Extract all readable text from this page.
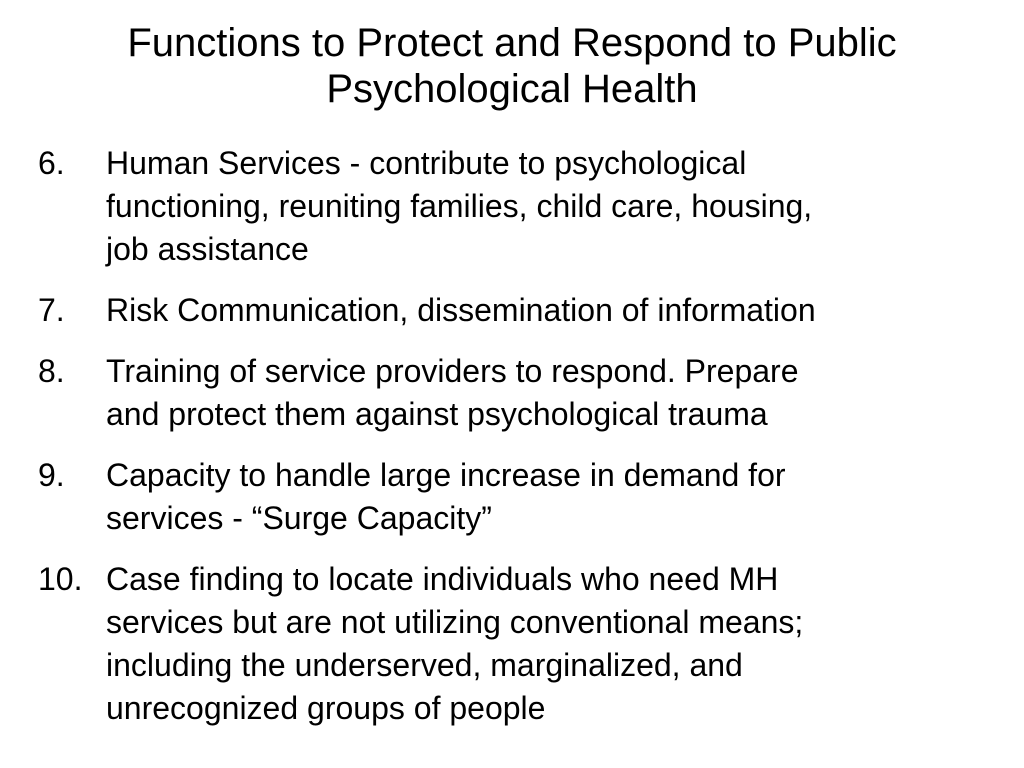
Functions to Protect and Respond to Public
Psychological Health
6. Human Services - contribute to psychological
functioning, reuniting families, child care, housing,
job assistance
7. Risk Communication, dissemination of information
8. Training of service providers to respond. Prepare
and protect them against psychological trauma
9. Capacity to handle large increase in demand for
services - “Surge Capacity”
10. Case finding to locate individuals who need MH
services but are not utilizing conventional means;
including the underserved, marginalized, and
unrecognized groups of people
